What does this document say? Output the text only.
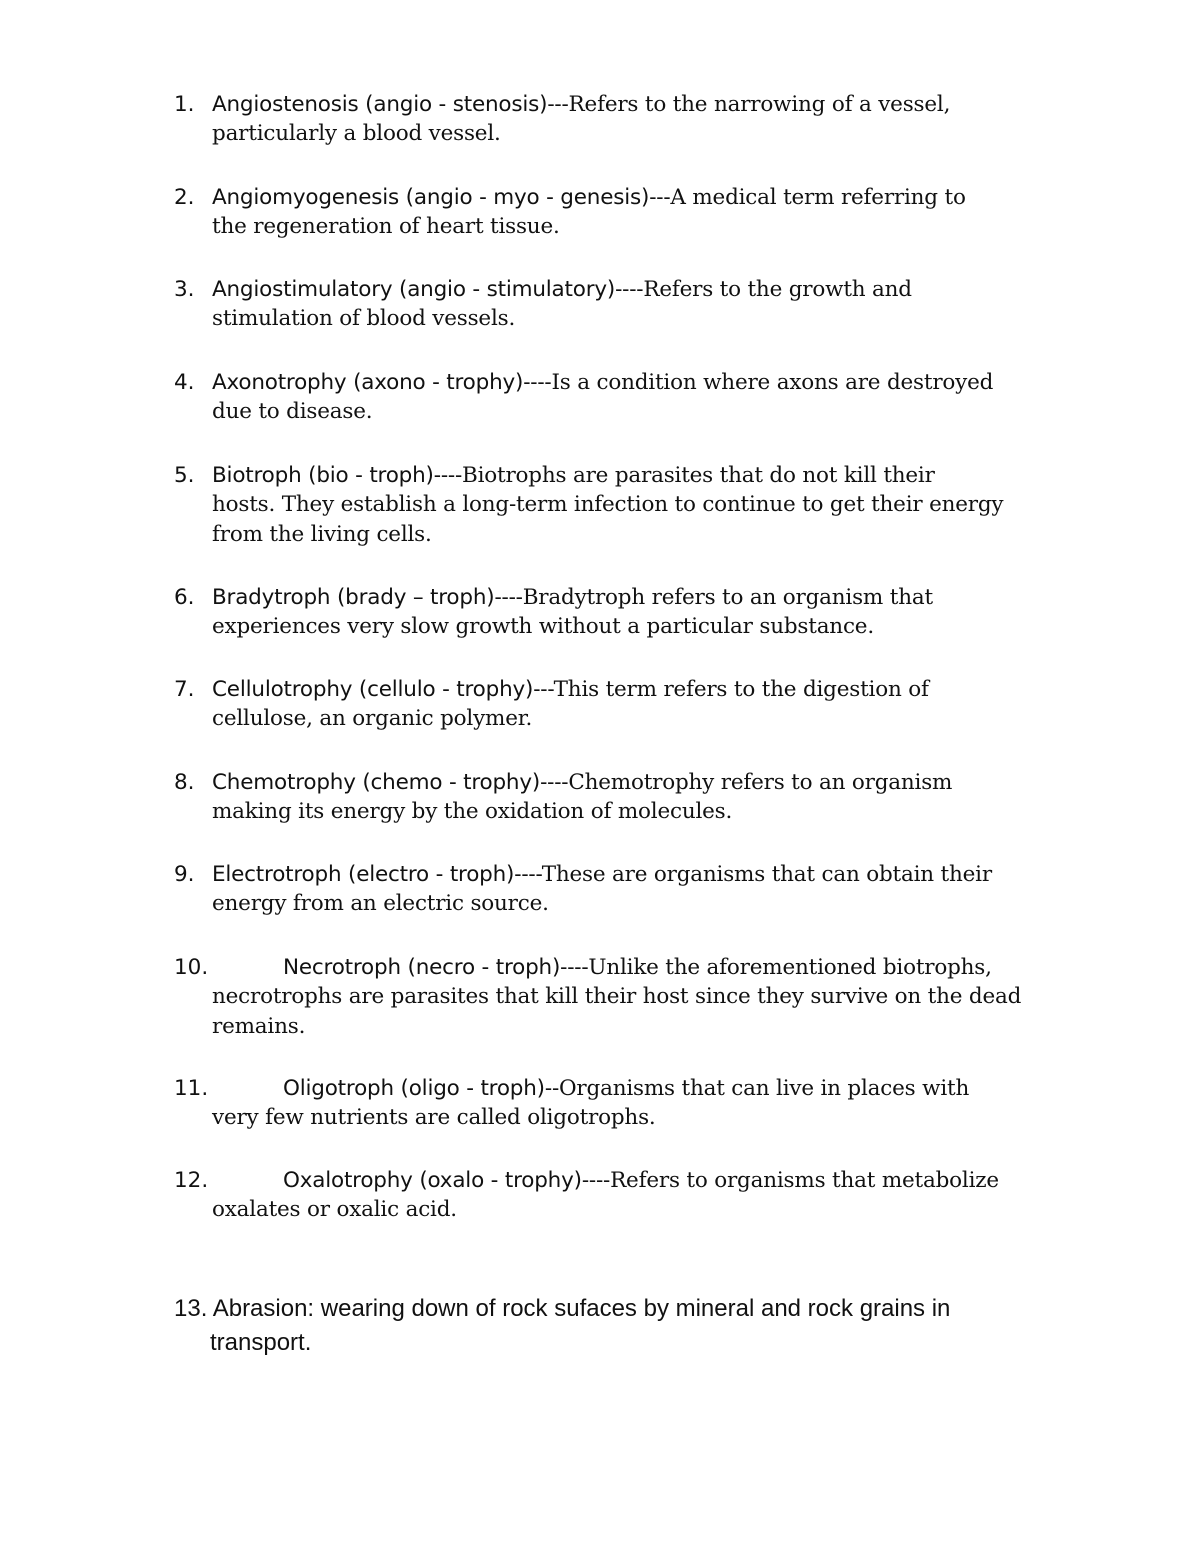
1. Angiostenosis (angio - stenosis)---Refers to the narrowing of a vessel,
particularly a blood vessel.
2. Angiomyogenesis (angio - myo - genesis)---A medical term referring to
the regeneration of heart tissue.
3. Angiostimulatory (angio - stimulatory)----Refers to the growth and
stimulation of blood vessels.
4. Axonotrophy (axono - trophy)----Is a condition where axons are destroyed
due to disease.
5. Biotroph (bio - troph)----Biotrophs are parasites that do not kill their
hosts. They establish a long-term infection to continue to get their energy
from the living cells.
6. Bradytroph (brady – troph)----Bradytroph refers to an organism that
experiences very slow growth without a particular substance.
7. Cellulotrophy (cellulo - trophy)---This term refers to the digestion of
cellulose, an organic polymer.
8. Chemotrophy (chemo - trophy)----Chemotrophy refers to an organism
making its energy by the oxidation of molecules.
9. Electrotroph (electro - troph)----These are organisms that can obtain their
energy from an electric source.
10.	Necrotroph (necro - troph)----Unlike the aforementioned biotrophs,
necrotrophs are parasites that kill their host since they survive on the dead
remains.
11.	Oligotroph (oligo - troph)--Organisms that can live in places with
very few nutrients are called oligotrophs.
12.	Oxalotrophy (oxalo - trophy)----Refers to organisms that metabolize
oxalates or oxalic acid.
13. Abrasion: wearing down of rock sufaces by mineral and rock grains in
transport.
